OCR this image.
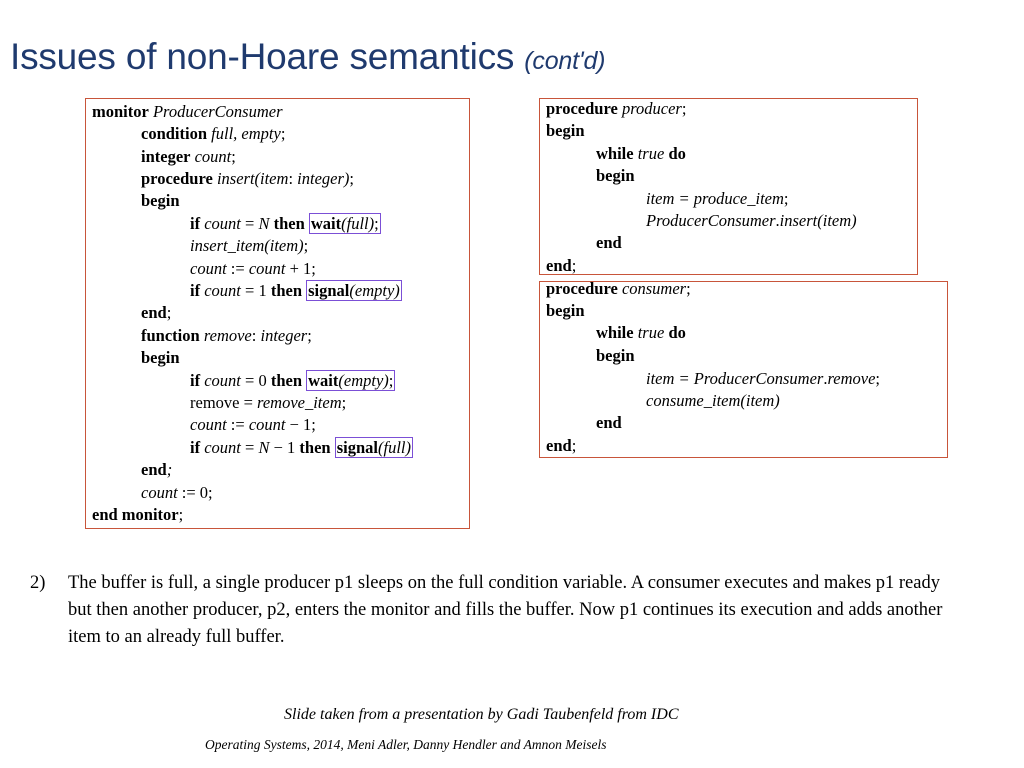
Issues of non-Hoare semantics (cont'd)
monitor ProducerConsumer
condition full, empty;
integer count;
procedure insert(item: integer);
begin
if count = N then wait(full);
insert_item(item);
count := count + 1;
if count = 1 then signal(empty)
end;
function remove: integer;
begin
if count = 0 then wait(empty);
remove = remove_item;
count := count − 1;
if count = N − 1 then signal(full)
end;
count := 0;
end monitor;
procedure producer;
begin
while true do
begin
item = produce_item;
ProducerConsumer.insert(item)
end
end;
procedure consumer;
begin
while true do
begin
item = ProducerConsumer.remove;
consume_item(item)
end
end;
2) The buffer is full, a single producer p1 sleeps on the full condition variable. A consumer executes and makes p1 ready but then another producer, p2, enters the monitor and fills the buffer. Now p1 continues its execution and adds another item to an already full buffer.
Slide taken from a presentation by Gadi Taubenfeld from IDC
Operating Systems, 2014, Meni Adler, Danny Hendler and Amnon Meisels
